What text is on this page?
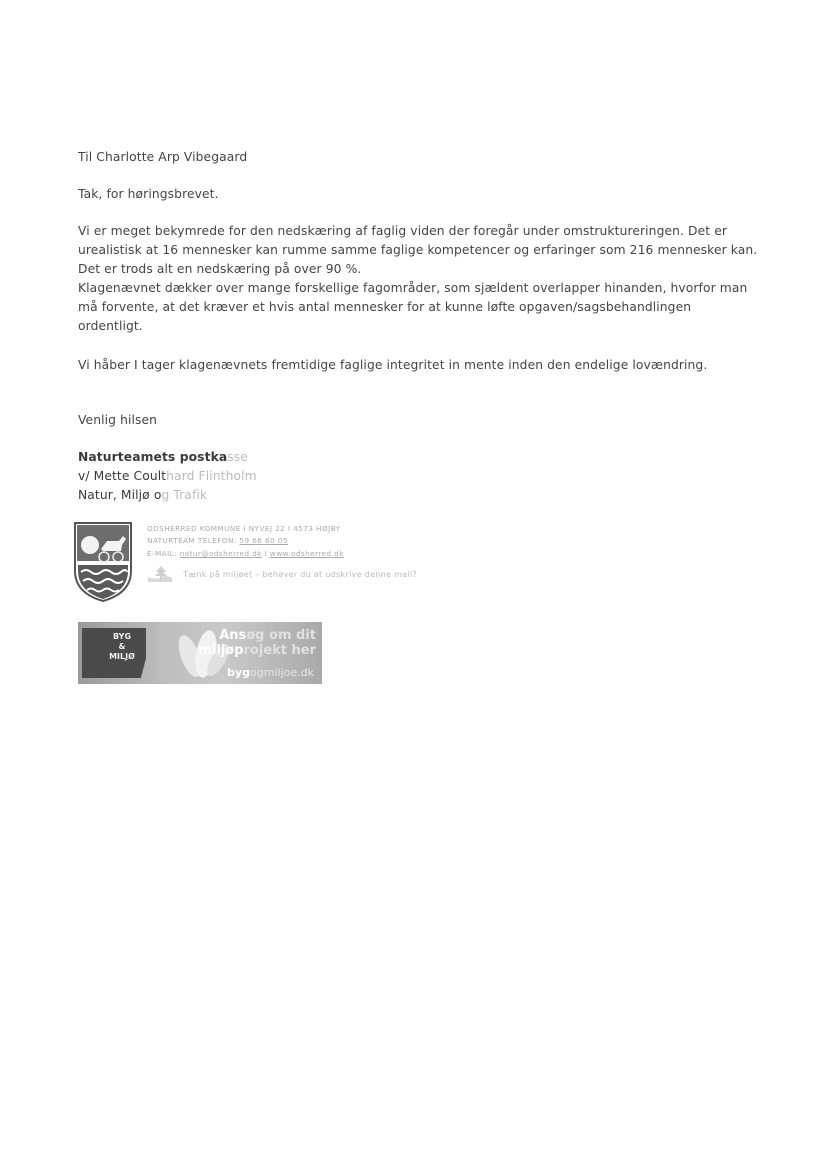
Til Charlotte Arp Vibegaard

Tak, for høringsbrevet.

Vi er meget bekymrede for den nedskæring af faglig viden der foregår under omstruktureringen. Det er

urealistisk at 16 mennesker kan rumme samme faglige kompetencer og erfaringer som 216 mennesker kan.

Det er trods alt en nedskæring på over 90 %.

Klagenævnet dækker over mange forskellige fagområder, som sjældent overlapper hinanden, hvorfor man

må forvente, at det kræver et hvis antal mennesker for at kunne løfte opgaven/sagsbehandlingen

ordentligt.

Vi håber I tager klagenævnets fremtidige faglige integritet in mente inden den endelige lovændring.

Venlig hilsen

Naturteamets postkasse
v/ Mette Coulthard Flintholm
Natur, Miljø og Trafik
ODSHERRED KOMMUNE I NYVEJ 22 I 4573 HØJBY
NATURTEAM TELEFON: 59 66 60 05
E-MAIL: natur@odsherred.dk I www.odsherred.dk
Tænk på miljøet – behøver du at udskrive denne mail?
BYG
&
MILJØ
Ansøg om dit
miljøprojekt her
bygogmiljoe.dk
